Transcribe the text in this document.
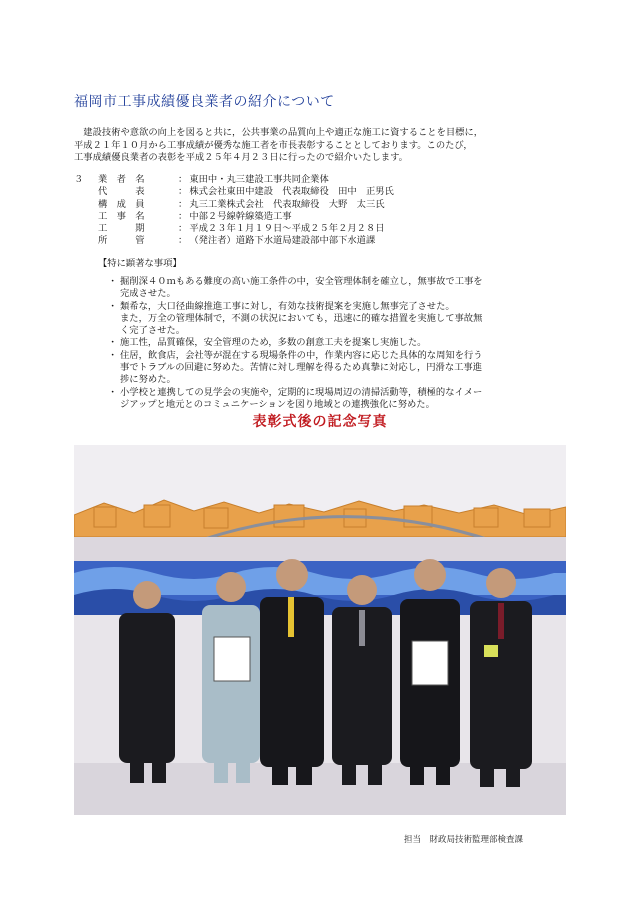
福岡市工事成績優良業者の紹介について

　建設技術や意欲の向上を図ると共に，公共事業の品質向上や適正な施工に資することを目標に，

平成２１年１０月から工事成績が優秀な施工者を市長表彰することとしております。このたび，

工事成績優良業者の表彰を平成２５年４月２３日に行ったので紹介いたします。

３	業　者　名	： 東田中・丸三建設工事共同企業体
代　　　表	： 株式会社東田中建設　代表取締役　田中　正男氏
構　成　員	： 丸三工業株式会社　代表取締役　大野　太三氏
工　事　名	： 中部２号線幹線築造工事
工　　　期	： 平成２３年１月１９日～平成２５年２月２８日
所　　　管	： （発注者）道路下水道局建設部中部下水道課
【特に顕著な事項】
・ 掘削深４０ｍもある難度の高い施工条件の中，安全管理体制を確立し，無事故で工事を
完成させた。
・ 類希な，大口径曲線推進工事に対し，有効な技術提案を実施し無事完了させた。
また，万全の管理体制で，不測の状況においても，迅速に的確な措置を実施して事故無
く完了させた。
・ 施工性，品質確保，安全管理のため，多数の創意工夫を提案し実施した。
・ 住居，飲食店，会社等が混在する現場条件の中，作業内容に応じた具体的な周知を行う
事でトラブルの回避に努めた。苦情に対し理解を得るため真摯に対応し，円滑な工事進
捗に努めた。
・ 小学校と連携しての見学会の実施や，定期的に現場周辺の清掃活動等，積極的なイメー
ジアップと地元とのコミュニケーションを図り地域との連携強化に努めた。
表彰式後の記念写真
担当　財政局技術監理部検査課
